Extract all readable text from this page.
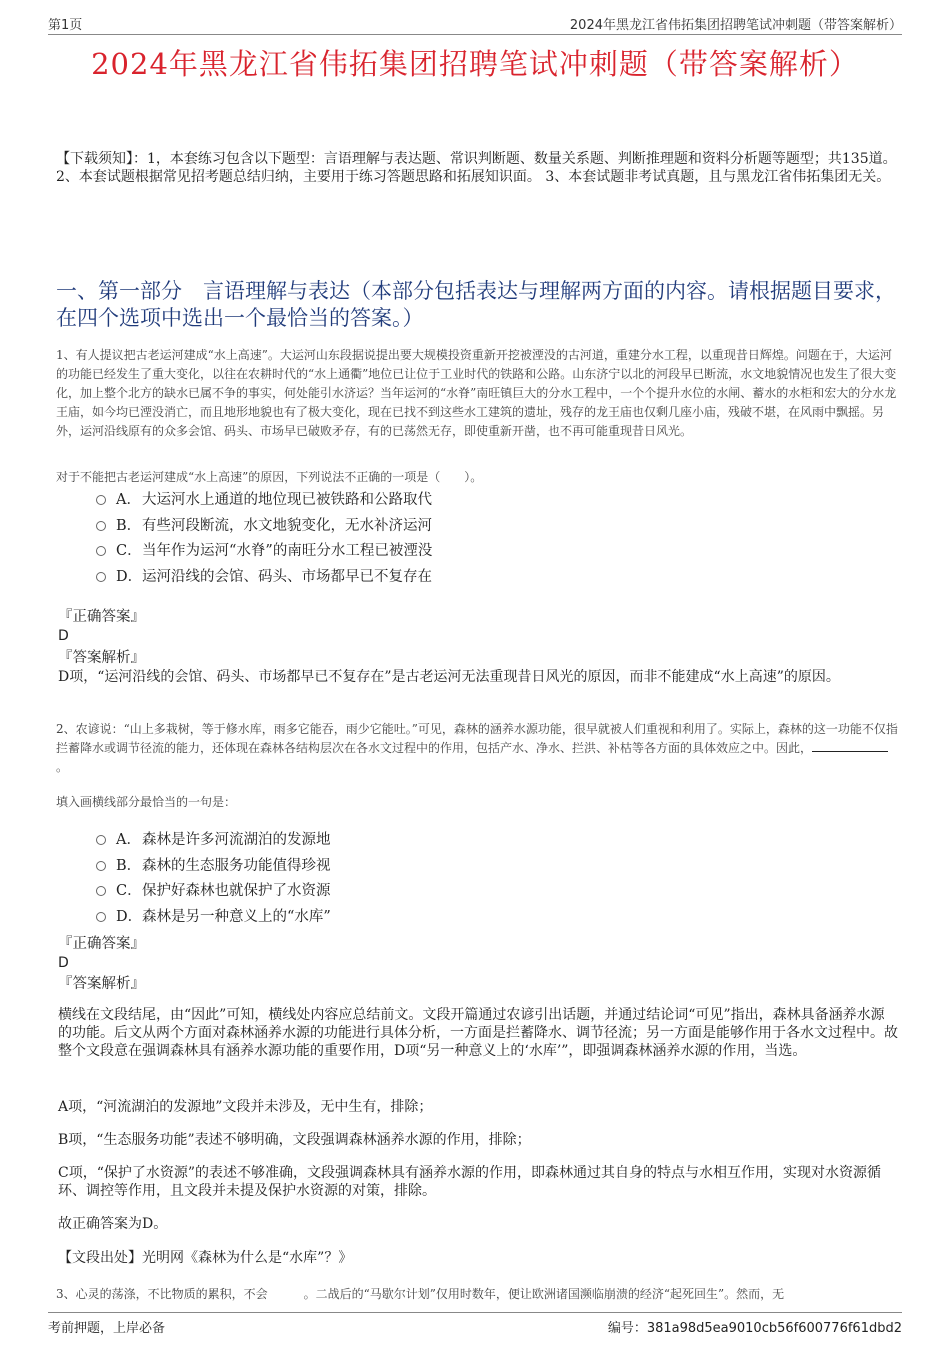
第1页	2024年黑龙江省伟拓集团招聘笔试冲刺题（带答案解析）
2024年黑龙江省伟拓集团招聘笔试冲刺题（带答案解析）
【下载须知】：1，本套练习包含以下题型：言语理解与表达题、常识判断题、数量关系题、判断推理题和资料分析题等题型；共135道。 2、本套试题根据常见招考题总结归纳，主要用于练习答题思路和拓展知识面。 3、本套试题非考试真题，且与黑龙江省伟拓集团无关。
一、第一部分　言语理解与表达（本部分包括表达与理解两方面的内容。请根据题目要求，在四个选项中选出一个最恰当的答案。）
1、有人提议把古老运河建成“水上高速”。大运河山东段据说提出要大规模投资重新开挖被湮没的古河道，重建分水工程，以重现昔日辉煌。问题在于，大运河的功能已经发生了重大变化，以往在农耕时代的“水上通衢”地位已让位于工业时代的铁路和公路。山东济宁以北的河段早已断流，水文地貌情况也发生了很大变化，加上整个北方的缺水已属不争的事实，何处能引水济运？当年运河的“水脊”南旺镇巨大的分水工程中，一个个提升水位的水闸、蓄水的水柜和宏大的分水龙王庙，如今均已湮没消亡，而且地形地貌也有了极大变化，现在已找不到这些水工建筑的遗址，残存的龙王庙也仅剩几座小庙，残破不堪，在风雨中飘摇。另外，运河沿线原有的众多会馆、码头、市场早已破败矛存，有的已荡然无存，即使重新开凿，也不再可能重现昔日风光。
对于不能把古老运河建成“水上高速”的原因，下列说法不正确的一项是（　　）。
A． 大运河水上通道的地位现已被铁路和公路取代
B． 有些河段断流，水文地貌变化，无水补济运河
C． 当年作为运河“水脊”的南旺分水工程已被湮没
D． 运河沿线的会馆、码头、市场都早已不复存在
『正确答案』
D
『答案解析』
D项，“运河沿线的会馆、码头、市场都早已不复存在”是古老运河无法重现昔日风光的原因，而非不能建成“水上高速”的原因。
2、农谚说：“山上多栽树，等于修水库，雨多它能吞，雨少它能吐。”可见，森林的涵养水源功能，很早就被人们重视和利用了。实际上，森林的这一功能不仅指拦蓄降水或调节径流的能力，还体现在森林各结构层次在各水文过程中的作用，包括产水、净水、拦洪、补枯等各方面的具体效应之中。因此，。
填入画横线部分最恰当的一句是：
A． 森林是许多河流湖泊的发源地
B． 森林的生态服务功能值得珍视
C． 保护好森林也就保护了水资源
D． 森林是另一种意义上的“水库”
『正确答案』
D
『答案解析』
横线在文段结尾，由“因此”可知，横线处内容应总结前文。文段开篇通过农谚引出话题，并通过结论词“可见”指出，森林具备涵养水源的功能。后文从两个方面对森林涵养水源的功能进行具体分析，一方面是拦蓄降水、调节径流；另一方面是能够作用于各水文过程中。故整个文段意在强调森林具有涵养水源功能的重要作用，D项“另一种意义上的‘水库’”，即强调森林涵养水源的作用，当选。
A项，“河流湖泊的发源地”文段并未涉及，无中生有，排除；
B项，“生态服务功能”表述不够明确，文段强调森林涵养水源的作用，排除；
C项，“保护了水资源”的表述不够准确，文段强调森林具有涵养水源的作用，即森林通过其自身的特点与水相互作用，实现对水资源循环、调控等作用，且文段并未提及保护水资源的对策，排除。
故正确答案为D。
【文段出处】光明网《森林为什么是“水库”？》
3、心灵的荡涤，不比物质的累积，不会　　　。二战后的“马歇尔计划”仅用时数年，便让欧洲诸国濒临崩溃的经济“起死回生”。然而，无
考前押题，上岸必备	编号：381a98d5ea9010cb56f600776f61dbd2
